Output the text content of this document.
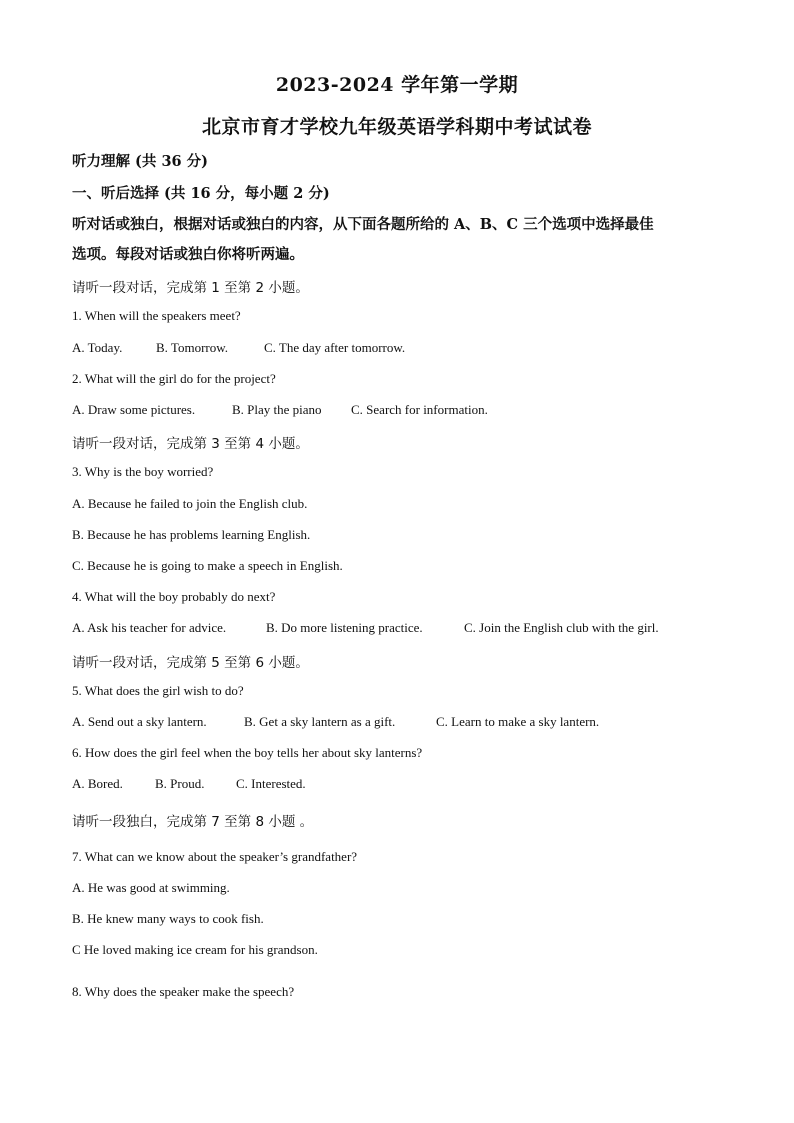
2023-2024 学年第一学期
北京市育才学校九年级英语学科期中考试试卷
听力理解 (共 36 分)
一、听后选择 (共 16 分，每小题 2 分)
听对话或独白，根据对话或独白的内容，从下面各题所给的 A、B、C 三个选项中选择最佳
选项。每段对话或独白你将听两遍。
请听一段对话，完成第 1 至第 2 小题。
1. When will the speakers meet?
A. Today.	B. Tomorrow.	C. The day after tomorrow.
2. What will the girl do for the project?
A. Draw some pictures.	B. Play the piano C. Search for information.
请听一段对话，完成第 3 至第 4 小题。
3. Why is the boy worried?
A. Because he failed to join the English club.
B. Because he has problems learning English.
C. Because he is going to make a speech in English.
4. What will the boy probably do next?
A. Ask his teacher for advice.	B. Do more listening practice.	C. Join the English club with the girl.
请听一段对话，完成第 5 至第 6 小题。
5. What does the girl wish to do?
A. Send out a sky lantern.	B. Get a sky lantern as a gift.	C. Learn to make a sky lantern.
6. How does the girl feel when the boy tells her about sky lanterns?
A. Bored. B. Proud. C. Interested.
请听一段独白，完成第 7 至第 8 小题 。
7. What can we know about the speaker’s grandfather?
A. He was good at swimming.
B. He knew many ways to cook fish.
C He loved making ice cream for his grandson.
8. Why does the speaker make the speech?
